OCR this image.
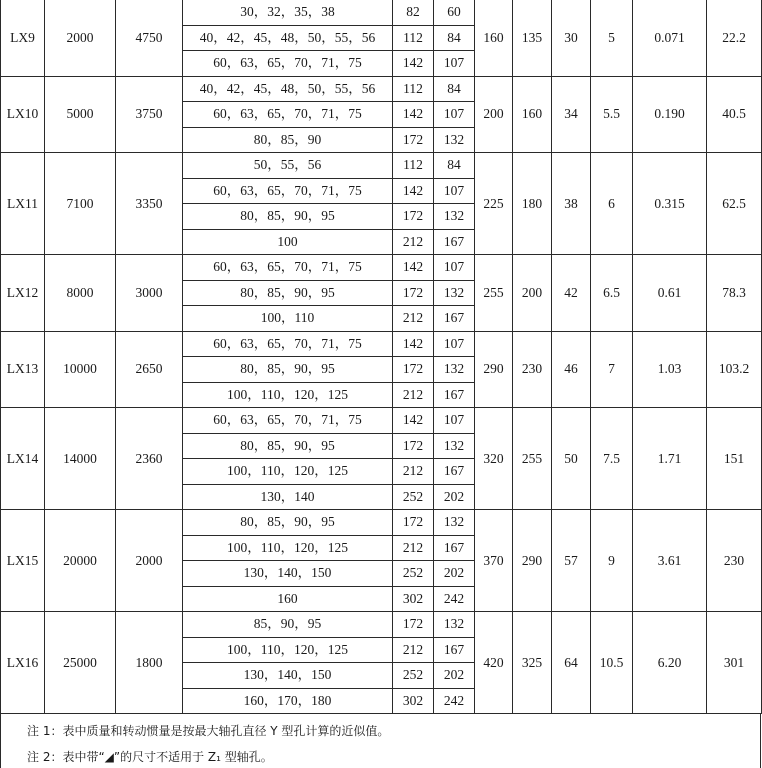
LX9	2000	4750	30，32，35，38	82	60	160	135	30	5	0.071	22.2
			40，42，45，48，50，55，56	112	84						
			60，63，65，70，71，75	142	107						
LX10	5000	3750	40，42，45，48，50，55，56	112	84	200	160	34	5.5	0.190	40.5
			60，63，65，70，71，75	142	107						
			80，85，90	172	132						
LX11	7100	3350	50，55，56	112	84	225	180	38	6	0.315	62.5
			60，63，65，70，71，75	142	107						
			80，85，90，95	172	132						
			100	212	167						
LX12	8000	3000	60，63，65，70，71，75	142	107	255	200	42	6.5	0.61	78.3
			80，85，90，95	172	132						
			100，110	212	167						
LX13	10000	2650	60，63，65，70，71，75	142	107	290	230	46	7	1.03	103.2
			80，85，90，95	172	132						
			100，110，120，125	212	167						
LX14	14000	2360	60，63，65，70，71，75	142	107	320	255	50	7.5	1.71	151
			80，85，90，95	172	132						
			100，110，120，125	212	167						
			130，140	252	202						
LX15	20000	2000	80，85，90，95	172	132	370	290	57	9	3.61	230
			100，110，120，125	212	167						
			130，140，150	252	202						
			160	302	242						
LX16	25000	1800	85，90，95	172	132	420	325	64	10.5	6.20	301
			100，110，120，125	212	167						
			130，140，150	252	202						
			160，170，180	302	242						
注 1：表中质量和转动惯量是按最大轴孔直径 Y 型孔计算的近似值。
注 2：表中带“◢”的尺寸不适用于 Z₁ 型轴孔。
